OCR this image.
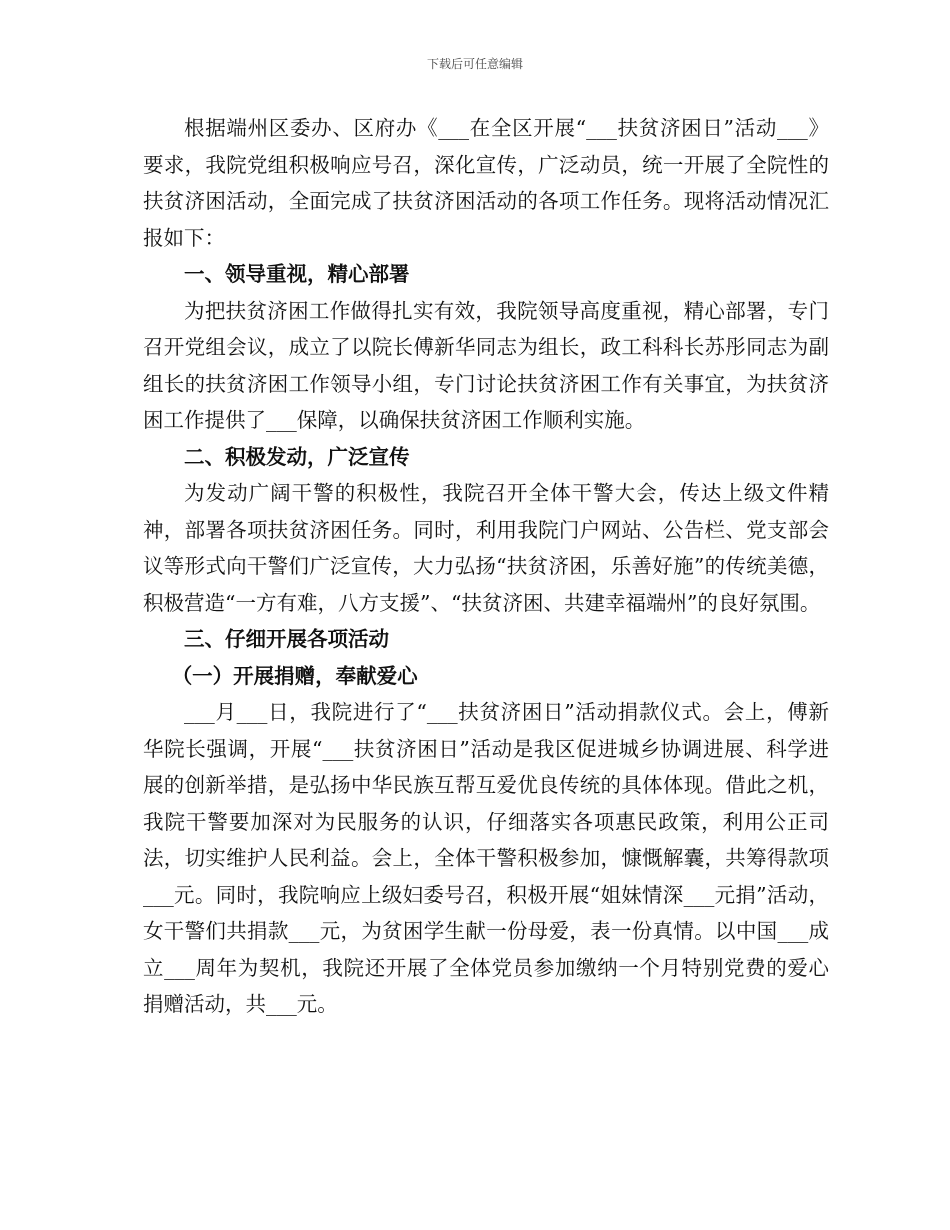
下载后可任意编辑

根据端州区委办、区府办《___在全区开展“___扶贫济困日”活动___》要求，我院党组积极响应号召，深化宣传，广泛动员，统一开展了全院性的扶贫济困活动，全面完成了扶贫济困活动的各项工作任务。现将活动情况汇报如下：

一、领导重视，精心部署

为把扶贫济困工作做得扎实有效，我院领导高度重视，精心部署，专门召开党组会议，成立了以院长傅新华同志为组长，政工科科长苏彤同志为副组长的扶贫济困工作领导小组，专门讨论扶贫济困工作有关事宜，为扶贫济困工作提供了___保障，以确保扶贫济困工作顺利实施。

二、积极发动，广泛宣传

为发动广阔干警的积极性，我院召开全体干警大会，传达上级文件精神，部署各项扶贫济困任务。同时，利用我院门户网站、公告栏、党支部会议等形式向干警们广泛宣传，大力弘扬“扶贫济困，乐善好施”的传统美德，积极营造“一方有难，八方支援”、“扶贫济困、共建幸福端州”的良好氛围。

三、仔细开展各项活动

（一）开展捐赠，奉献爱心

___月___日，我院进行了“___扶贫济困日”活动捐款仪式。会上，傅新华院长强调，开展“___扶贫济困日”活动是我区促进城乡协调进展、科学进展的创新举措，是弘扬中华民族互帮互爱优良传统的具体体现。借此之机，我院干警要加深对为民服务的认识，仔细落实各项惠民政策，利用公正司法，切实维护人民利益。会上，全体干警积极参加，慷慨解囊，共筹得款项___元。同时，我院响应上级妇委号召，积极开展“姐妹情深___元捐”活动，女干警们共捐款___元，为贫困学生献一份母爱，表一份真情。以中国___成立___周年为契机，我院还开展了全体党员参加缴纳一个月特别党费的爱心捐赠活动，共___元。
